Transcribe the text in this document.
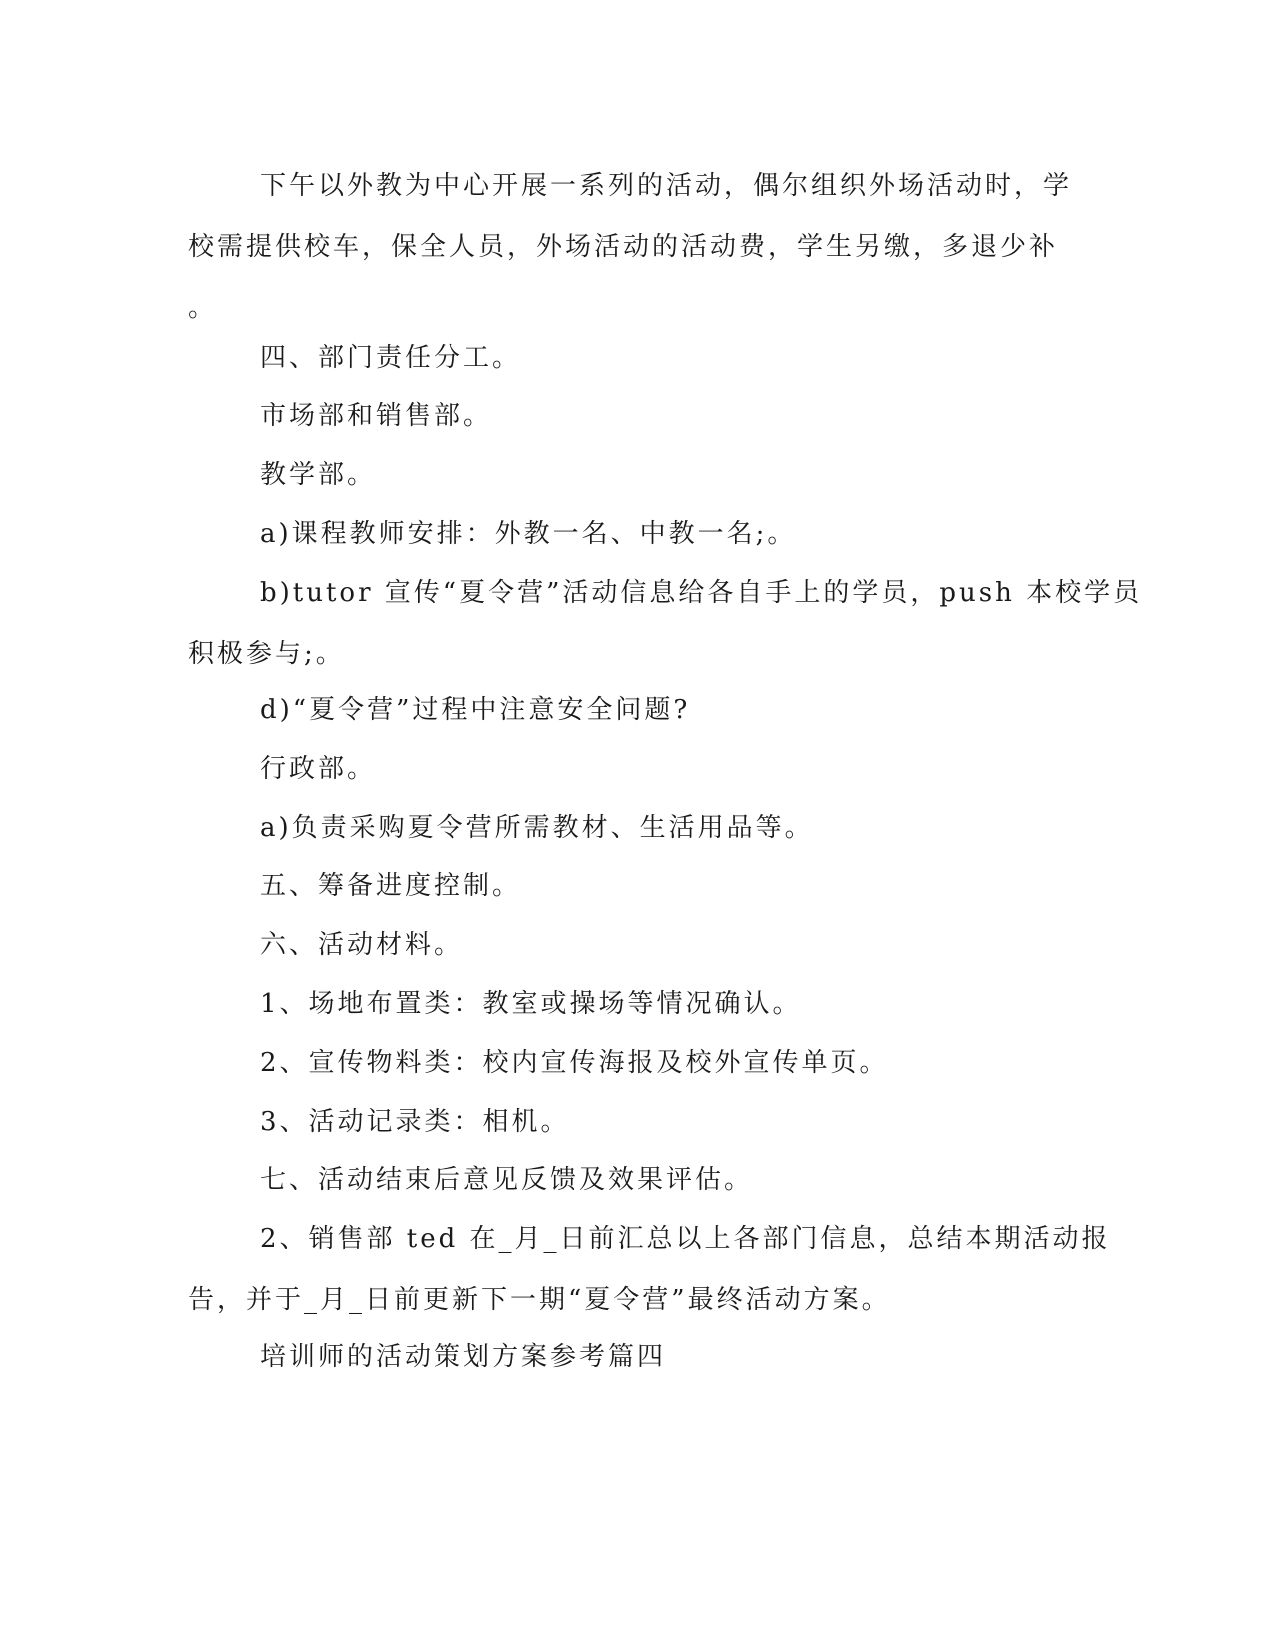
下午以外教为中心开展一系列的活动，偶尔组织外场活动时，学
校需提供校车，保全人员，外场活动的活动费，学生另缴，多退少补
。
四、部门责任分工。
市场部和销售部。
教学部。
a)课程教师安排：外教一名、中教一名;。
b)tutor 宣传“夏令营”活动信息给各自手上的学员，push 本校学员
积极参与;。
d)“夏令营”过程中注意安全问题?
行政部。
a)负责采购夏令营所需教材、生活用品等。
五、筹备进度控制。
六、活动材料。
1、场地布置类：教室或操场等情况确认。
2、宣传物料类：校内宣传海报及校外宣传单页。
3、活动记录类：相机。
七、活动结束后意见反馈及效果评估。
2、销售部 ted 在_月_日前汇总以上各部门信息，总结本期活动报
告，并于_月_日前更新下一期“夏令营”最终活动方案。
培训师的活动策划方案参考篇四
